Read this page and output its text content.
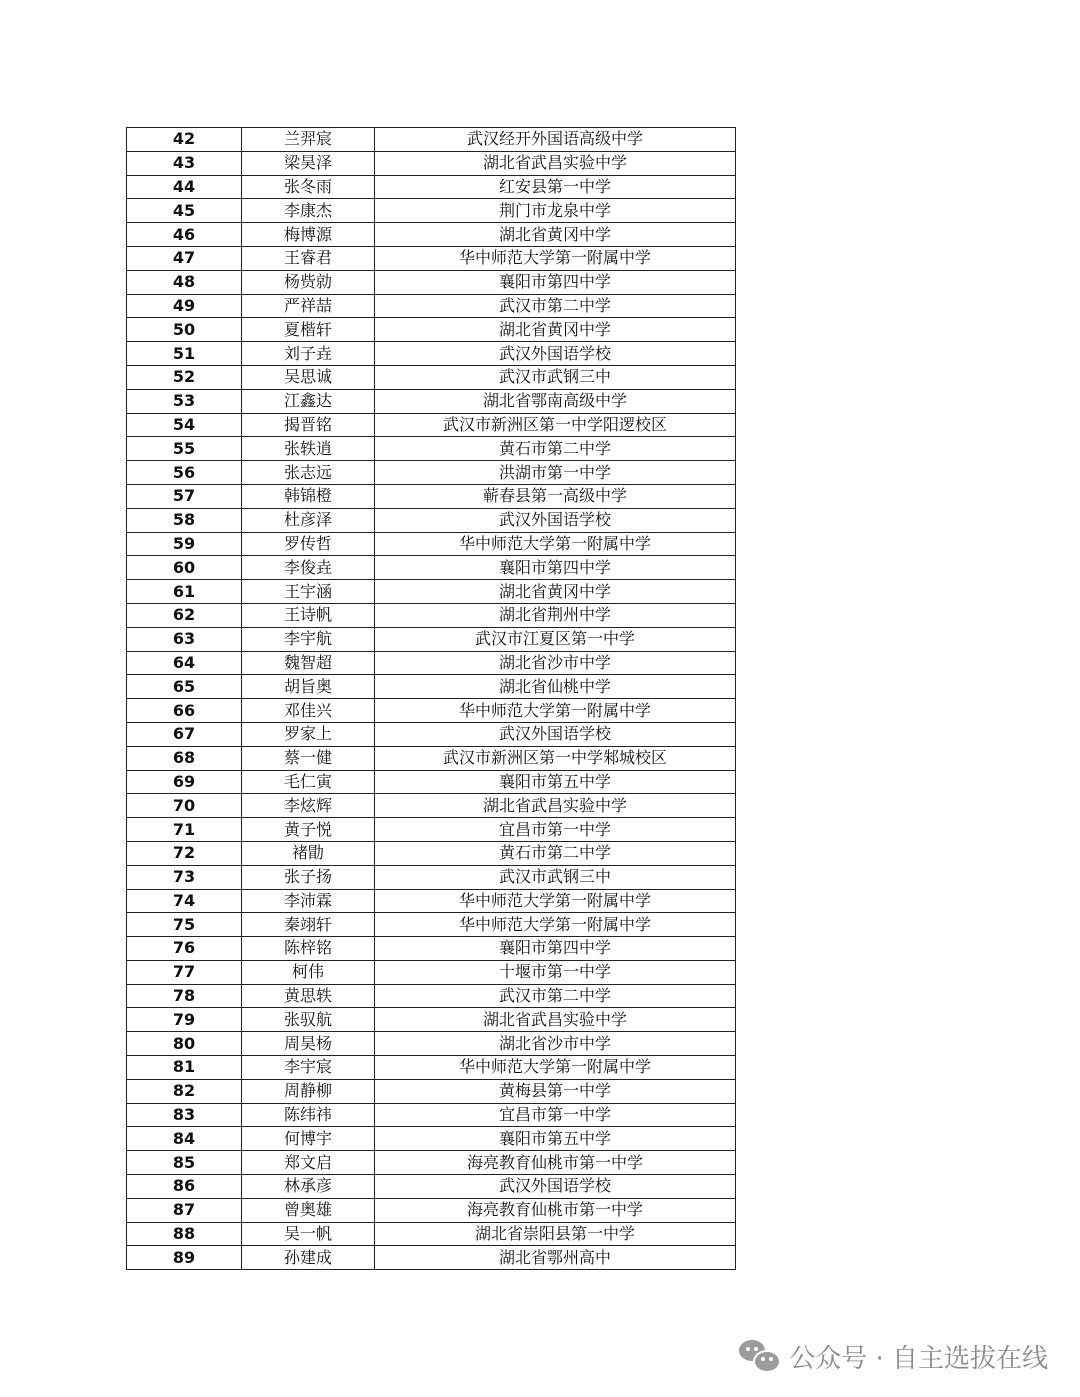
42	兰羿宸	武汉经开外国语高级中学
43	梁昊泽	湖北省武昌实验中学
44	张冬雨	红安县第一中学
45	李康杰	荆门市龙泉中学
46	梅博源	湖北省黄冈中学
47	王睿君	华中师范大学第一附属中学
48	杨赀勍	襄阳市第四中学
49	严祥喆	武汉市第二中学
50	夏楷轩	湖北省黄冈中学
51	刘子垚	武汉外国语学校
52	吴思诚	武汉市武钢三中
53	江鑫达	湖北省鄂南高级中学
54	揭晋铭	武汉市新洲区第一中学阳逻校区
55	张轶逍	黄石市第二中学
56	张志远	洪湖市第一中学
57	韩锦橙	蕲春县第一高级中学
58	杜彦泽	武汉外国语学校
59	罗传哲	华中师范大学第一附属中学
60	李俊垚	襄阳市第四中学
61	王宇涵	湖北省黄冈中学
62	王诗帆	湖北省荆州中学
63	李宇航	武汉市江夏区第一中学
64	魏智超	湖北省沙市中学
65	胡旨奥	湖北省仙桃中学
66	邓佳兴	华中师范大学第一附属中学
67	罗家上	武汉外国语学校
68	蔡一健	武汉市新洲区第一中学邾城校区
69	毛仁寅	襄阳市第五中学
70	李炫辉	湖北省武昌实验中学
71	黄子悦	宜昌市第一中学
72	褚勖	黄石市第二中学
73	张子扬	武汉市武钢三中
74	李沛霖	华中师范大学第一附属中学
75	秦翊轩	华中师范大学第一附属中学
76	陈梓铭	襄阳市第四中学
77	柯伟	十堰市第一中学
78	黄思轶	武汉市第二中学
79	张驭航	湖北省武昌实验中学
80	周昊杨	湖北省沙市中学
81	李宇宸	华中师范大学第一附属中学
82	周静柳	黄梅县第一中学
83	陈纬祎	宜昌市第一中学
84	何博宇	襄阳市第五中学
85	郑文启	海亮教育仙桃市第一中学
86	林承彦	武汉外国语学校
87	曾奥雄	海亮教育仙桃市第一中学
88	吴一帆	湖北省崇阳县第一中学
89	孙建成	湖北省鄂州高中
公众号 · 自主选拔在线
